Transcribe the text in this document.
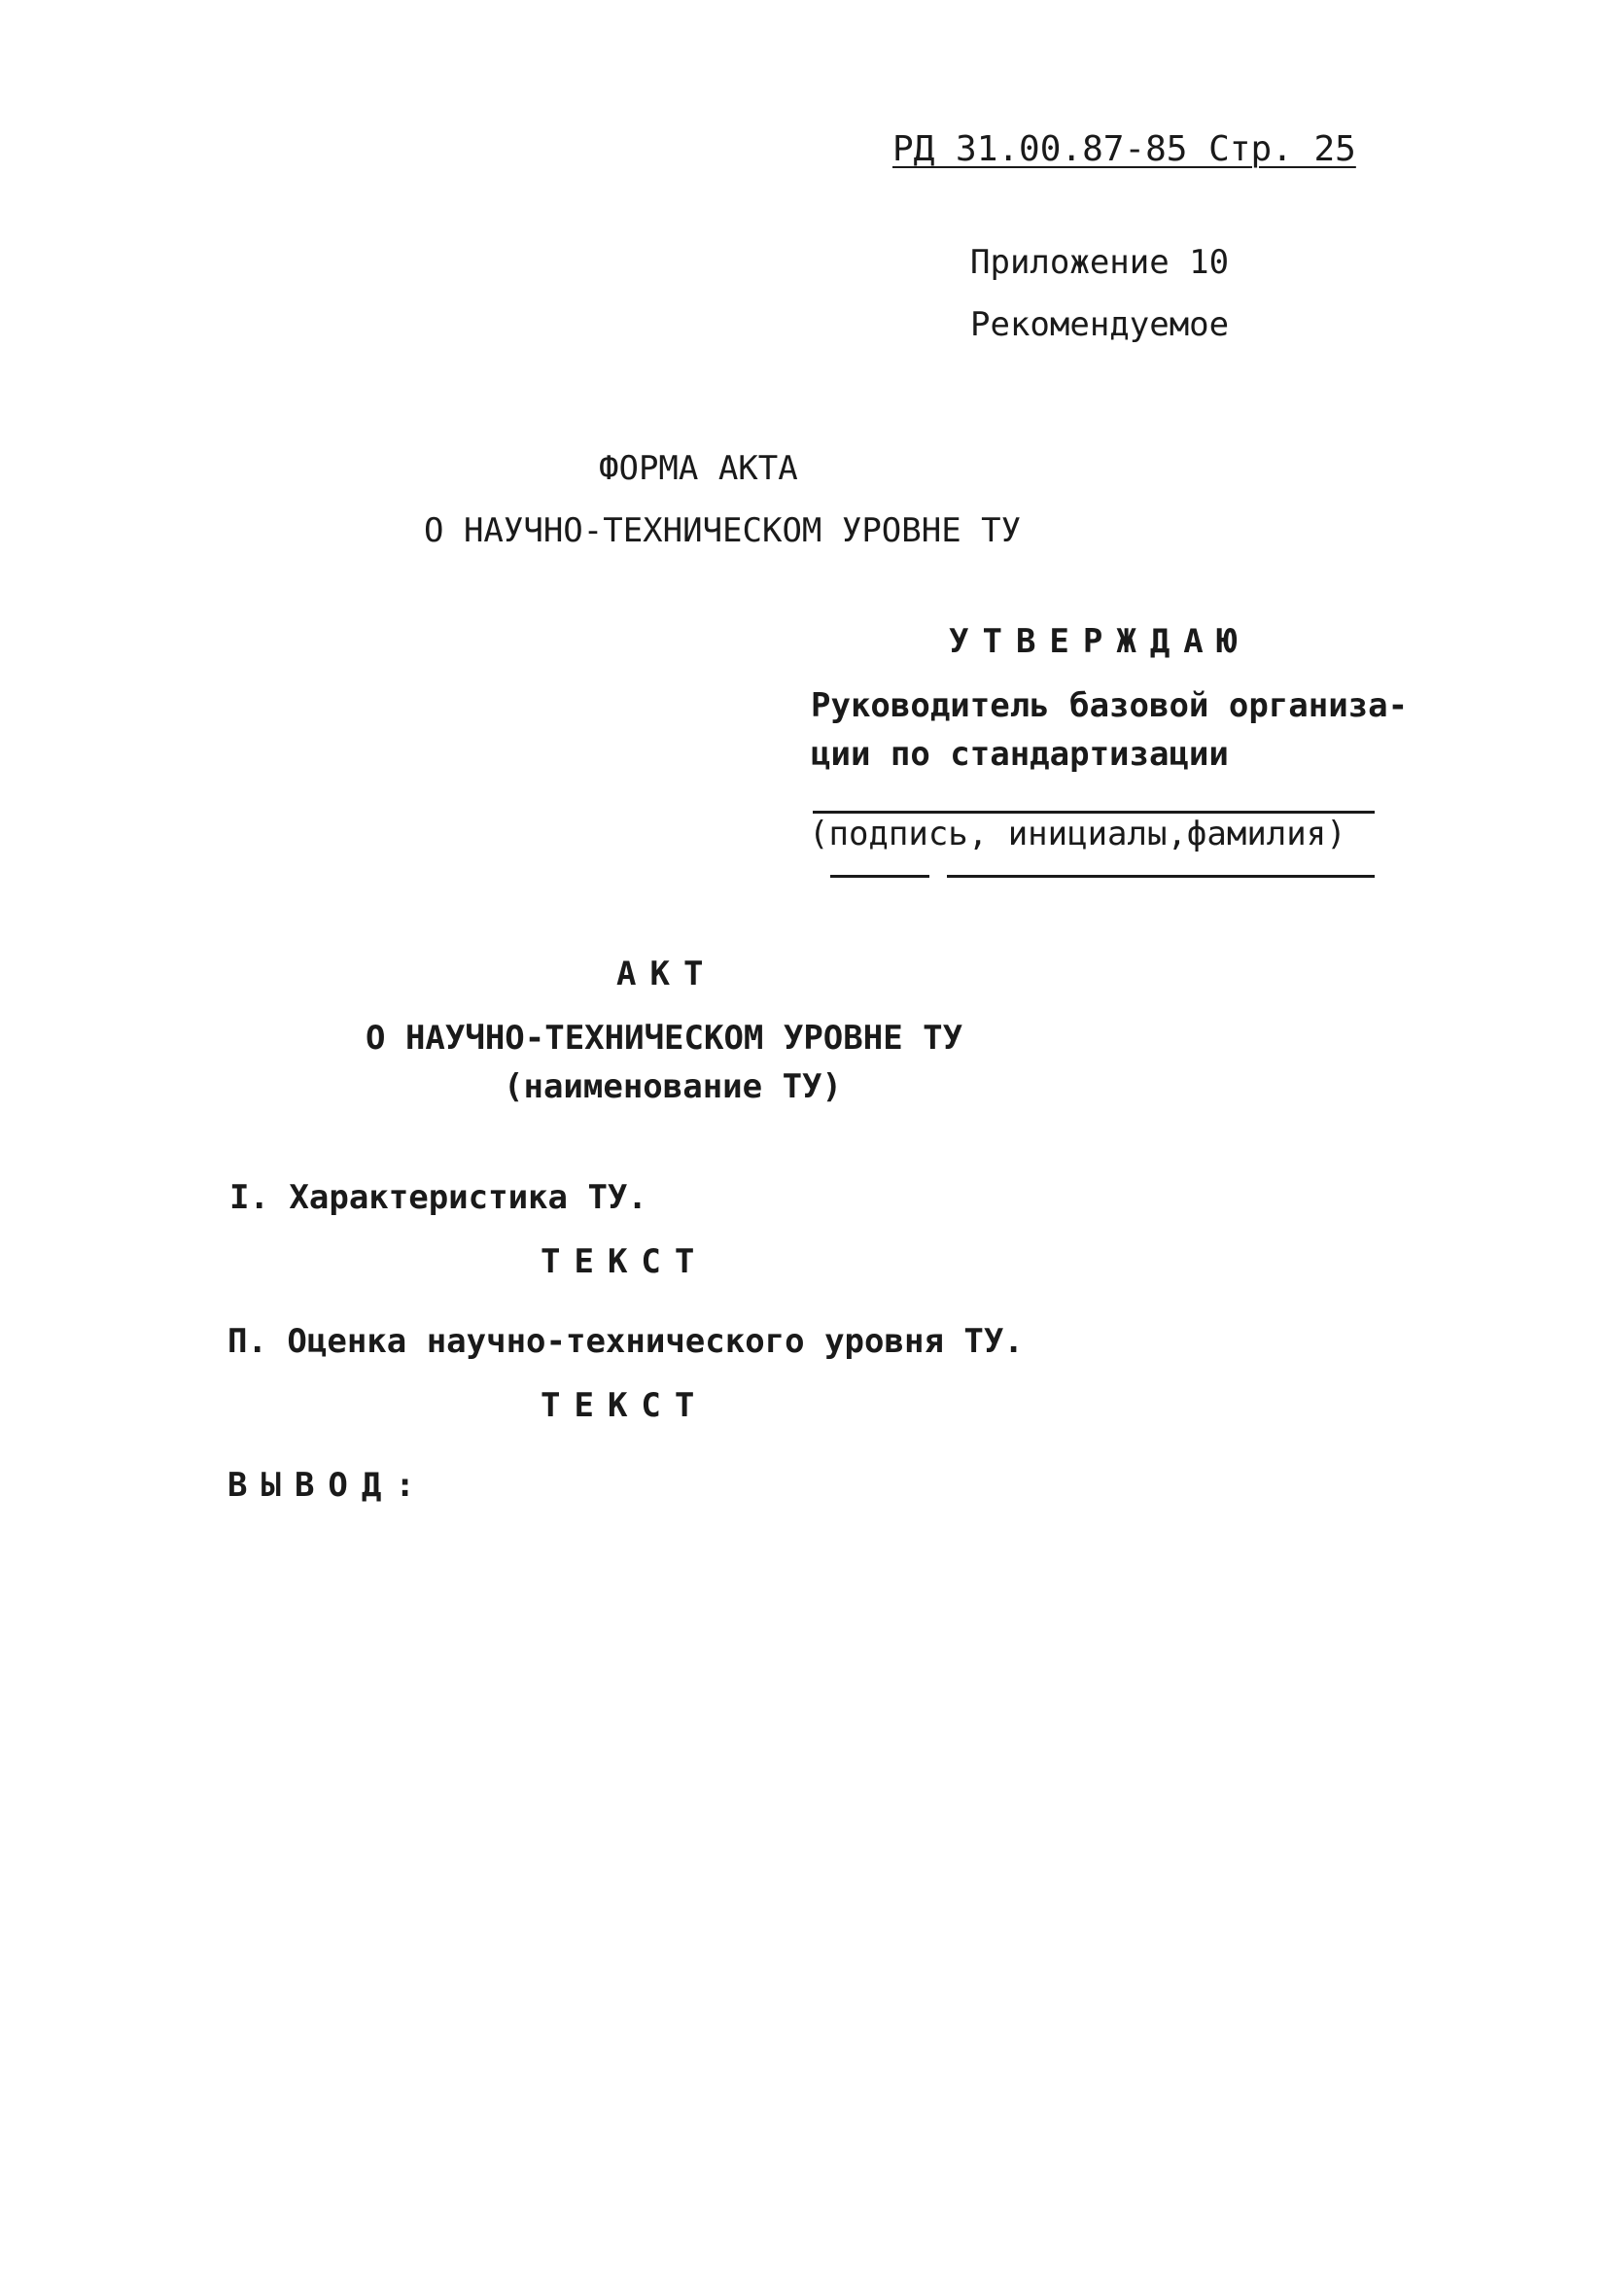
РД 31.00.87-85 Стр. 25
Приложение 10
Рекомендуемое
ФОРМА АКТА
О НАУЧНО-ТЕХНИЧЕСКОМ УРОВНЕ ТУ
УТВЕРЖДАЮ
Руководитель базовой организа-
ции по стандартизации
(подпись, инициалы,фамилия)
АКТ
О НАУЧНО-ТЕХНИЧЕСКОМ УРОВНЕ ТУ
(наименование ТУ)
I. Характеристика ТУ.
ТЕКСТ
П. Оценка научно-технического уровня ТУ.
ТЕКСТ
ВЫВОД:
